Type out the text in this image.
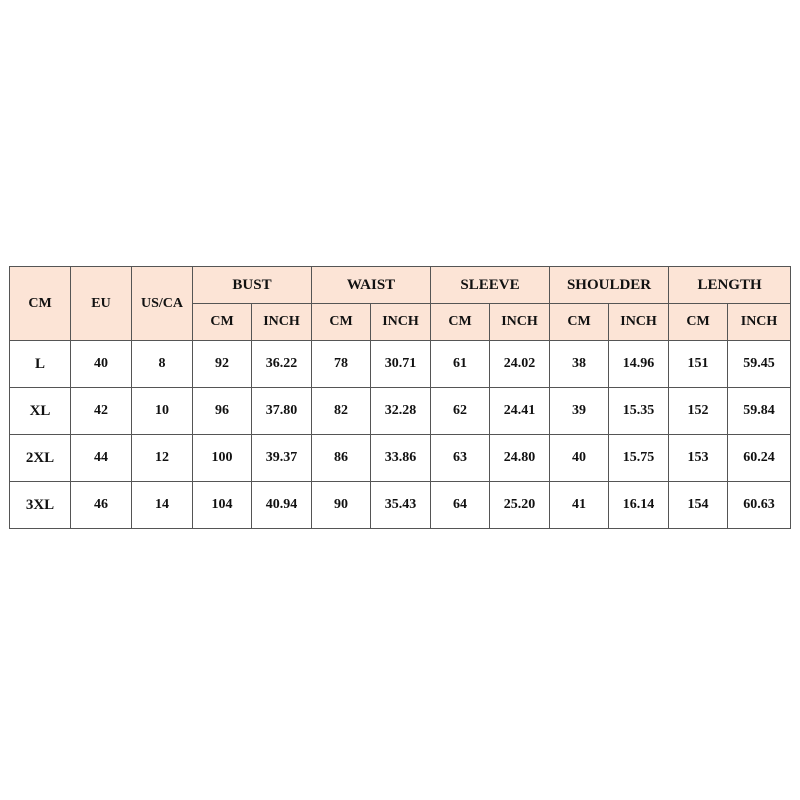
CM	EU	US/CA	BUST		WAIST		SLEEVE		SHOULDER		LENGTH	
			CM	INCH	CM	INCH	CM	INCH	CM	INCH	CM	INCH
L	40	8	92	36.22	78	30.71	61	24.02	38	14.96	151	59.45
XL	42	10	96	37.80	82	32.28	62	24.41	39	15.35	152	59.84
2XL	44	12	100	39.37	86	33.86	63	24.80	40	15.75	153	60.24
3XL	46	14	104	40.94	90	35.43	64	25.20	41	16.14	154	60.63
